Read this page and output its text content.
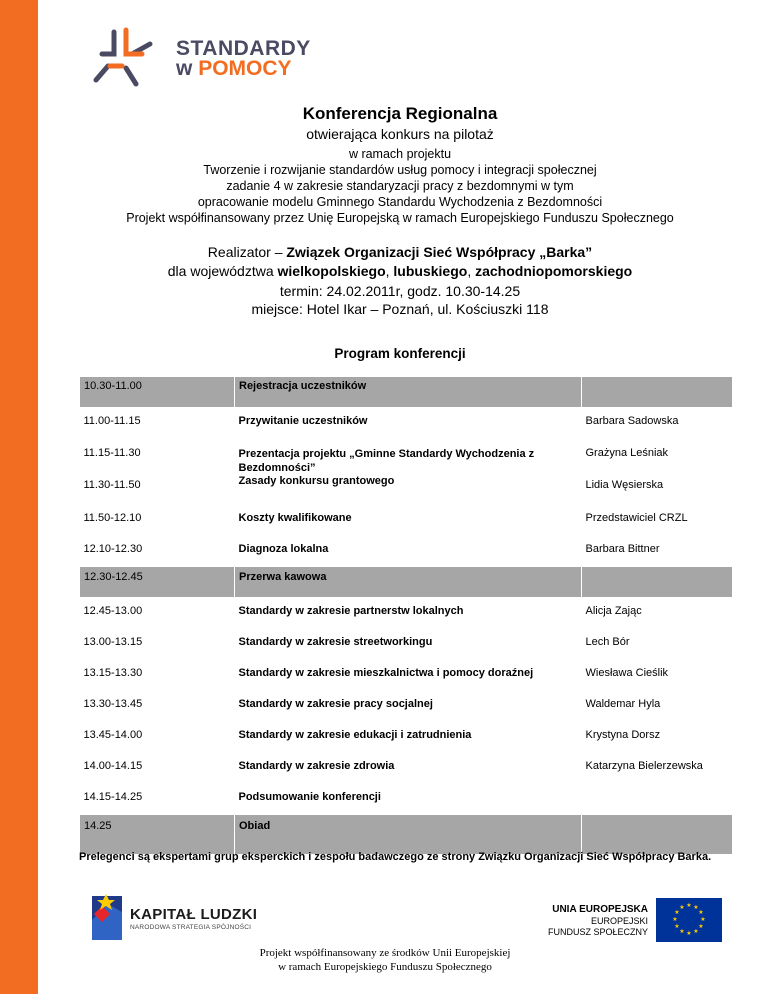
STANDARDY
w POMOCY
Konferencja Regionalna
otwierająca konkurs na pilotaż
w ramach projektu
Tworzenie i rozwijanie standardów usług pomocy i integracji społecznej
zadanie 4 w zakresie standaryzacji pracy z bezdomnymi w tym
opracowanie modelu Gminnego Standardu Wychodzenia z Bezdomności
Projekt współfinansowany przez Unię Europejską w ramach Europejskiego Funduszu Społecznego
Realizator – Związek Organizacji Sieć Współpracy „Barka”
dla województwa wielkopolskiego, lubuskiego, zachodniopomorskiego
termin: 24.02.2011r, godz. 10.30-14.25
miejsce: Hotel Ikar – Poznań, ul. Kościuszki 118
Program konferencji
10.30-11.00	Rejestracja uczestników	
11.00-11.15	Przywitanie uczestników	Barbara Sadowska
11.15-11.30	Prezentacja projektu „Gminne Standardy Wychodzenia z Bezdomności”	Grażyna Leśniak
11.30-11.50	Zasady konkursu grantowego	Lidia Węsierska
11.50-12.10	Koszty kwalifikowane	Przedstawiciel CRZL
12.10-12.30	Diagnoza lokalna	Barbara Bittner
12.30-12.45	Przerwa kawowa	
12.45-13.00	Standardy w zakresie partnerstw lokalnych	Alicja Zając
13.00-13.15	Standardy w zakresie streetworkingu	Lech Bór
13.15-13.30	Standardy w zakresie mieszkalnictwa i pomocy doraźnej	Wiesława Cieślik
13.30-13.45	Standardy w zakresie pracy socjalnej	Waldemar Hyla
13.45-14.00	Standardy w zakresie edukacji i zatrudnienia	Krystyna Dorsz
14.00-14.15	Standardy w zakresie zdrowia	Katarzyna Bielerzewska
14.15-14.25	Podsumowanie konferencji	
14.25	Obiad	
Prelegenci są ekspertami grup eksperckich i zespołu badawczego ze strony Związku Organizacji Sieć Współpracy Barka.
KAPITAŁ LUDZKI
NARODOWA STRATEGIA SPÓJNOŚCI
UNIA EUROPEJSKA
EUROPEJSKI
FUNDUSZ SPOŁECZNY
★ ★
★
★
★
★
★
★
★
★
★
★
Projekt współfinansowany ze środków Unii Europejskiej
w ramach Europejskiego Funduszu Społecznego
